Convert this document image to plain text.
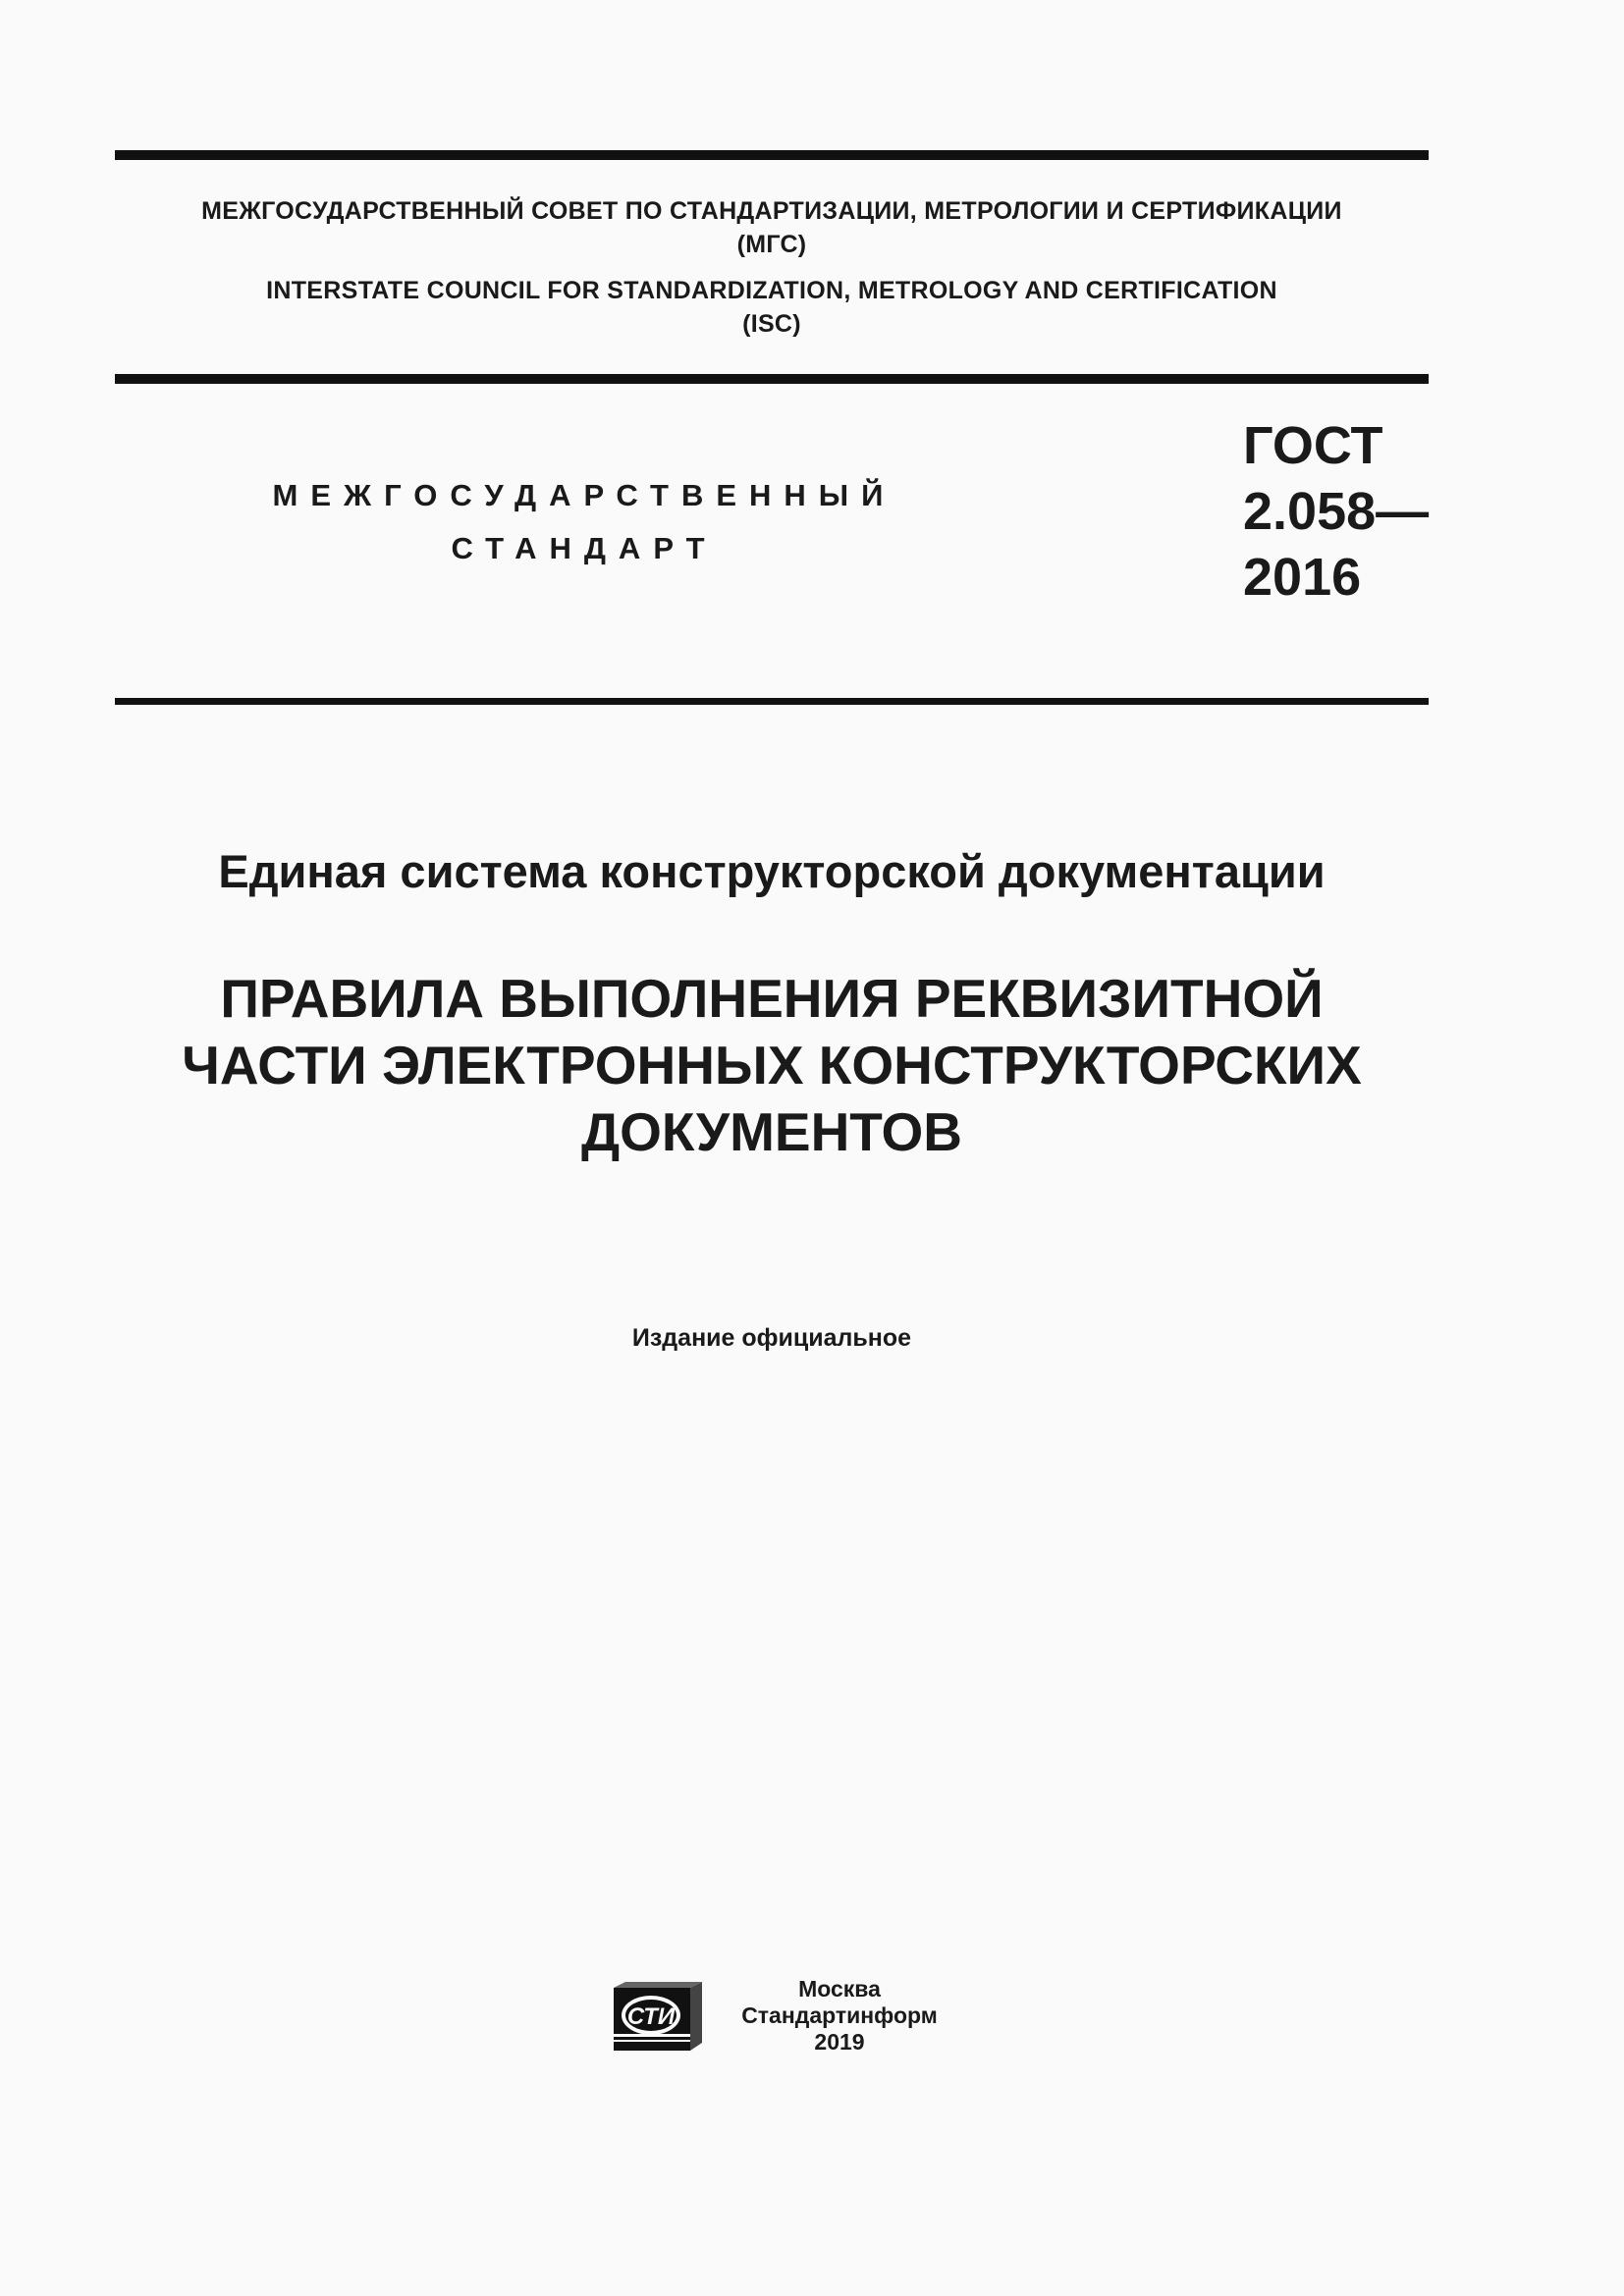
МЕЖГОСУДАРСТВЕННЫЙ СОВЕТ ПО СТАНДАРТИЗАЦИИ, МЕТРОЛОГИИ И СЕРТИФИКАЦИИ
(МГС)
INTERSTATE COUNCIL FOR STANDARDIZATION, METROLOGY AND CERTIFICATION
(ISC)
МЕЖГОСУДАРСТВЕННЫЙ
СТАНДАРТ
ГОСТ
2.058—
2016
Единая система конструкторской документации
ПРАВИЛА ВЫПОЛНЕНИЯ РЕКВИЗИТНОЙ
ЧАСТИ ЭЛЕКТРОННЫХ КОНСТРУКТОРСКИХ
ДОКУМЕНТОВ
Издание официальное
СТИ
Москва
Стандартинформ
2019
